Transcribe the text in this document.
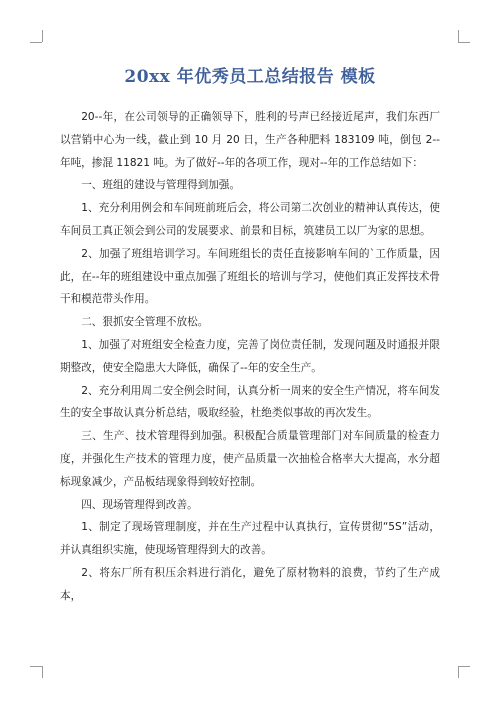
20xx 年优秀员工总结报告 模板

20--年，在公司领导的正确领导下，胜利的号声已经接近尾声，我们东西厂以营销中心为一线，截止到 10 月 20 日，生产各种肥料 183109 吨，倒包 2--年吨，掺混 11821 吨。为了做好--年的各项工作，现对--年的工作总结如下：

一、班组的建设与管理得到加强。

1、充分利用例会和车间班前班后会，将公司第二次创业的精神认真传达，使车间员工真正领会到公司的发展要求、前景和目标，筑建员工以厂为家的思想。

2、加强了班组培训学习。车间班组长的责任直接影响车间的`工作质量，因此，在--年的班组建设中重点加强了班组长的培训与学习，使他们真正发挥技术骨干和模范带头作用。

二、狠抓安全管理不放松。

1、加强了对班组安全检查力度，完善了岗位责任制，发现问题及时通报并限期整改，使安全隐患大大降低，确保了--年的安全生产。

2、充分利用周二安全例会时间，认真分析一周来的安全生产情况，将车间发生的安全事故认真分析总结，吸取经验，杜绝类似事故的再次发生。

三、生产、技术管理得到加强。积极配合质量管理部门对车间质量的检查力度，并强化生产技术的管理力度，使产品质量一次抽检合格率大大提高，水分超标现象减少，产品板结现象得到较好控制。

四、现场管理得到改善。

1、制定了现场管理制度，并在生产过程中认真执行，宣传贯彻“5S”活动，并认真组织实施，使现场管理得到大的改善。

2、将东厂所有积压余料进行消化，避免了原材物料的浪费，节约了生产成本，
